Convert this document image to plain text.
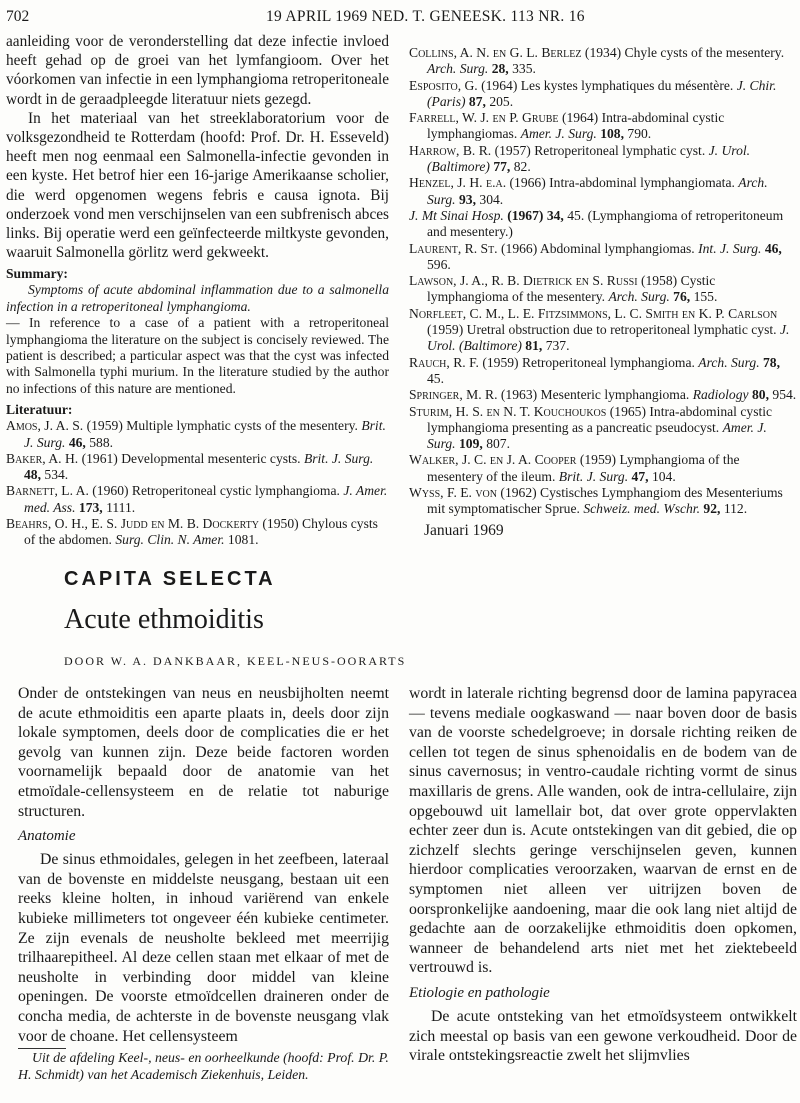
702	19 APRIL 1969 NED. T. GENEESK. 113 NR. 16

aanleiding voor de veronderstelling dat deze infectie invloed heeft gehad op de groei van het lymfangioom. Over het vóorkomen van infectie in een lymphangioma retroperitoneale wordt in de geraadpleegde literatuur niets gezegd.

In het materiaal van het streeklaboratorium voor de volksgezondheid te Rotterdam (hoofd: Prof. Dr. H. Esseveld) heeft men nog eenmaal een Salmonella-infectie gevonden in een kyste. Het betrof hier een 16-jarige Amerikaanse scholier, die werd opgenomen wegens febris e causa ignota. Bij onderzoek vond men verschijnselen van een subfrenisch abces links. Bij operatie werd een geïnfecteerde miltkyste gevonden, waaruit Salmonella görlitz werd gekweekt.

Summary:

Symptoms of acute abdominal inflammation due to a salmonella infection in a retroperitoneal lymphangioma.
— In reference to a case of a patient with a retroperitoneal lymphangioma the literature on the subject is concisely reviewed. The patient is described; a particular aspect was that the cyst was infected with Salmonella typhi murium. In the literature studied by the author no infections of this nature are mentioned.

Literatuur:

Amos, J. A. S. (1959) Multiple lymphatic cysts of the mesentery. Brit. J. Surg. 46, 588.

Baker, A. H. (1961) Developmental mesenteric cysts. Brit. J. Surg. 48, 534.

Barnett, L. A. (1960) Retroperitoneal cystic lymphangioma. J. Amer. med. Ass. 173, 1111.

Beahrs, O. H., E. S. Judd en M. B. Dockerty (1950) Chylous cysts of the abdomen. Surg. Clin. N. Amer. 1081.

Collins, A. N. en G. L. Berlez (1934) Chyle cysts of the mesentery. Arch. Surg. 28, 335.

Esposito, G. (1964) Les kystes lymphatiques du mésentère. J. Chir. (Paris) 87, 205.

Farrell, W. J. en P. Grube (1964) Intra-abdominal cystic lymphangiomas. Amer. J. Surg. 108, 790.

Harrow, B. R. (1957) Retroperitoneal lymphatic cyst. J. Urol. (Baltimore) 77, 82.

Henzel, J. H. e.a. (1966) Intra-abdominal lymphangiomata. Arch. Surg. 93, 304.

J. Mt Sinai Hosp. (1967) 34, 45. (Lymphangioma of retroperitoneum and mesentery.)

Laurent, R. St. (1966) Abdominal lymphangiomas. Int. J. Surg. 46, 596.

Lawson, J. A., R. B. Dietrick en S. Russi (1958) Cystic lymphangioma of the mesentery. Arch. Surg. 76, 155.

Norfleet, C. M., L. E. Fitzsimmons, L. C. Smith en K. P. Carlson (1959) Uretral obstruction due to retroperitoneal lymphatic cyst. J. Urol. (Baltimore) 81, 737.

Rauch, R. F. (1959) Retroperitoneal lymphangioma. Arch. Surg. 78, 45.

Springer, M. R. (1963) Mesenteric lymphangioma. Radiology 80, 954.

Sturim, H. S. en N. T. Kouchoukos (1965) Intra-abdominal cystic lymphangioma presenting as a pancreatic pseudocyst. Amer. J. Surg. 109, 807.

Walker, J. C. en J. A. Cooper (1959) Lymphangioma of the mesentery of the ileum. Brit. J. Surg. 47, 104.

Wyss, F. E. von (1962) Cystisches Lymphangiom des Mesenteriums mit symptomatischer Sprue. Schweiz. med. Wschr. 92, 112.

Januari 1969
CAPITA SELECTA
Acute ethmoiditis
DOOR W. A. DANKBAAR, KEEL-NEUS-OORARTS

Onder de ontstekingen van neus en neusbijholten neemt de acute ethmoiditis een aparte plaats in, deels door zijn lokale symptomen, deels door de complicaties die er het gevolg van kunnen zijn. Deze beide factoren worden voornamelijk bepaald door de anatomie van het etmoïdale-cellensysteem en de relatie tot naburige structuren.

Anatomie

De sinus ethmoidales, gelegen in het zeefbeen, lateraal van de bovenste en middelste neusgang, bestaan uit een reeks kleine holten, in inhoud variërend van enkele kubieke millimeters tot ongeveer één kubieke centimeter. Ze zijn evenals de neusholte bekleed met meerrijig trilhaarepitheel. Al deze cellen staan met elkaar of met de neusholte in verbinding door middel van kleine openingen. De voorste etmoïdcellen draineren onder de concha media, de achterste in de bovenste neusgang vlak voor de choane. Het cellensysteem

Uit de afdeling Keel-, neus- en oorheelkunde (hoofd: Prof. Dr. P. H. Schmidt) van het Academisch Ziekenhuis, Leiden.

wordt in laterale richting begrensd door de lamina papyracea — tevens mediale oogkaswand — naar boven door de basis van de voorste schedelgroeve; in dorsale richting reiken de cellen tot tegen de sinus sphenoidalis en de bodem van de sinus cavernosus; in ventro-caudale richting vormt de sinus maxillaris de grens. Alle wanden, ook de intra-cellulaire, zijn opgebouwd uit lamellair bot, dat over grote oppervlakten echter zeer dun is. Acute ontstekingen van dit gebied, die op zichzelf slechts geringe verschijnselen geven, kunnen hierdoor complicaties veroorzaken, waarvan de ernst en de symptomen niet alleen ver uitrijzen boven de oorspronkelijke aandoening, maar die ook lang niet altijd de gedachte aan de oorzakelijke ethmoiditis doen opkomen, wanneer de behandelend arts niet met het ziektebeeld vertrouwd is.

Etiologie en pathologie

De acute ontsteking van het etmoïdsysteem ontwikkelt zich meestal op basis van een gewone verkoudheid. Door de virale ontstekingsreactie zwelt het slijmvlies
